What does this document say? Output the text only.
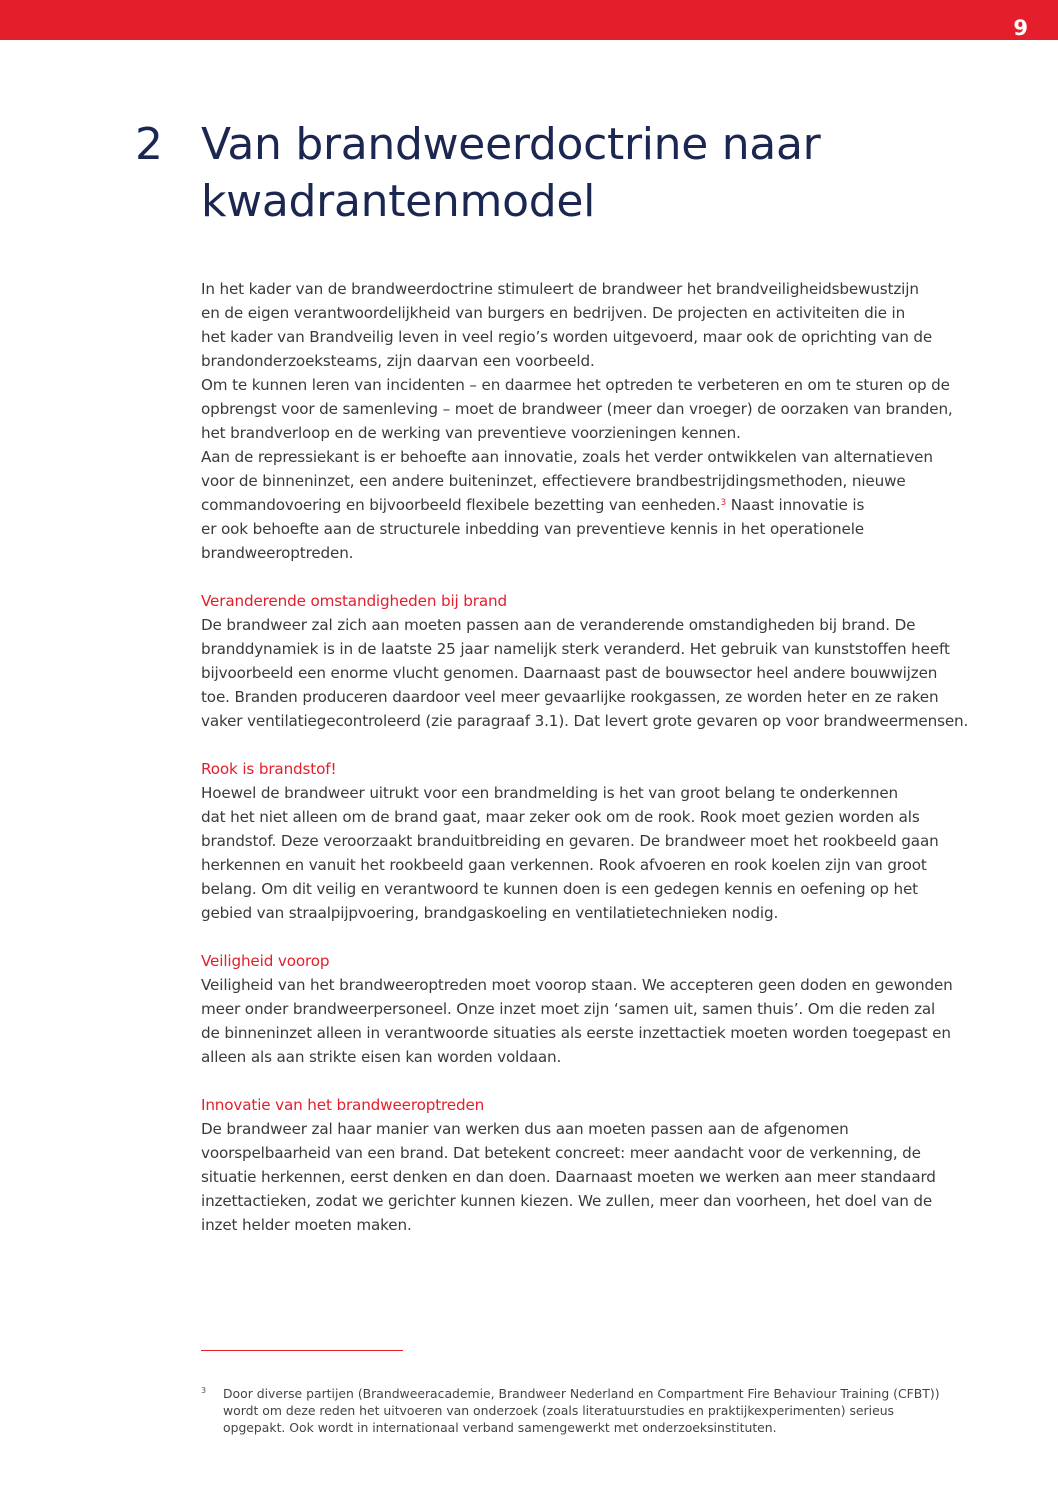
9
2 Van brandweerdoctrine naar
kwadrantenmodel
In het kader van de brandweerdoctrine stimuleert de brandweer het brandveiligheidsbewustzijn
en de eigen verantwoordelijkheid van burgers en bedrijven. De projecten en activiteiten die in
het kader van Brandveilig leven in veel regio’s worden uitgevoerd, maar ook de oprichting van de
brandonderzoeksteams, zijn daarvan een voorbeeld.
Om te kunnen leren van incidenten – en daarmee het optreden te verbeteren en om te sturen op de
opbrengst voor de samenleving – moet de brandweer (meer dan vroeger) de oorzaken van branden,
het brandverloop en de werking van preventieve voorzieningen kennen.
Aan de repressiekant is er behoefte aan innovatie, zoals het verder ontwikkelen van alternatieven
voor de binneninzet, een andere buiteninzet, effectievere brandbestrijdingsmethoden, nieuwe
commandovoering en bijvoorbeeld flexibele bezetting van eenheden.$^3$ Naast innovatie is
er ook behoefte aan de structurele inbedding van preventieve kennis in het operationele
brandweeroptreden.
Veranderende omstandigheden bij brand
De brandweer zal zich aan moeten passen aan de veranderende omstandigheden bij brand. De
branddynamiek is in de laatste 25 jaar namelijk sterk veranderd. Het gebruik van kunststoffen heeft
bijvoorbeeld een enorme vlucht genomen. Daarnaast past de bouwsector heel andere bouwwijzen
toe. Branden produceren daardoor veel meer gevaarlijke rookgassen, ze worden heter en ze raken
vaker ventilatiegecontroleerd (zie paragraaf 3.1). Dat levert grote gevaren op voor brandweermensen.
Rook is brandstof!
Hoewel de brandweer uitrukt voor een brandmelding is het van groot belang te onderkennen
dat het niet alleen om de brand gaat, maar zeker ook om de rook. Rook moet gezien worden als
brandstof. Deze veroorzaakt branduitbreiding en gevaren. De brandweer moet het rookbeeld gaan
herkennen en vanuit het rookbeeld gaan verkennen. Rook afvoeren en rook koelen zijn van groot
belang. Om dit veilig en verantwoord te kunnen doen is een gedegen kennis en oefening op het
gebied van straalpijpvoering, brandgaskoeling en ventilatietechnieken nodig.
Veiligheid voorop
Veiligheid van het brandweeroptreden moet voorop staan. We accepteren geen doden en gewonden
meer onder brandweerpersoneel. Onze inzet moet zijn ‘samen uit, samen thuis’. Om die reden zal
de binneninzet alleen in verantwoorde situaties als eerste inzettactiek moeten worden toegepast en
alleen als aan strikte eisen kan worden voldaan.
Innovatie van het brandweeroptreden
De brandweer zal haar manier van werken dus aan moeten passen aan de afgenomen
voorspelbaarheid van een brand. Dat betekent concreet: meer aandacht voor de verkenning, de
situatie herkennen, eerst denken en dan doen. Daarnaast moeten we werken aan meer standaard
inzettactieken, zodat we gerichter kunnen kiezen. We zullen, meer dan voorheen, het doel van de
inzet helder moeten maken.
3 Door diverse partijen (Brandweeracademie, Brandweer Nederland en Compartment Fire Behaviour Training (CFBT))
wordt om deze reden het uitvoeren van onderzoek (zoals literatuurstudies en praktijkexperimenten) serieus
opgepakt. Ook wordt in internationaal verband samengewerkt met onderzoeksinstituten.
